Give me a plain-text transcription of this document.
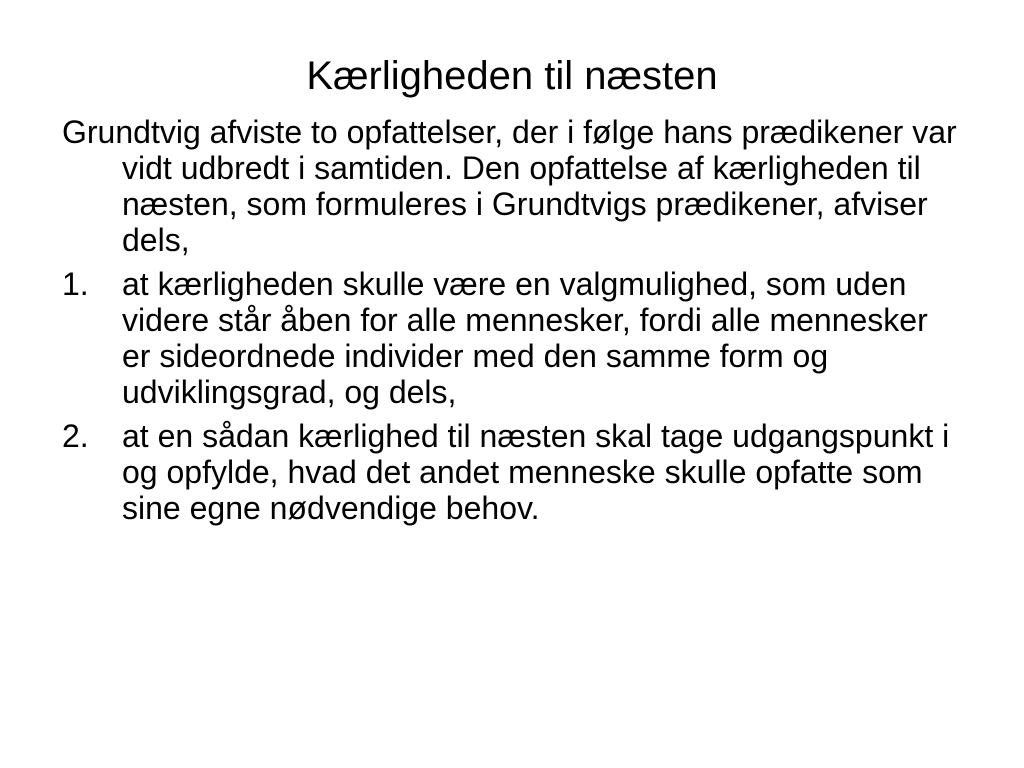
Kærligheden til næsten

Grundtvig afviste to opfattelser, der i følge hans prædikener var vidt udbredt i samtiden. Den opfattelse af kærligheden til næsten, som formuleres i Grundtvigs prædikener, afviser dels,

1. at kærligheden skulle være en valgmulighed, som uden videre står åben for alle mennesker, fordi alle mennesker er sideordnede individer med den samme form og udviklingsgrad, og dels,
2. at en sådan kærlighed til næsten skal tage udgangspunkt i og opfylde, hvad det andet menneske skulle opfatte som sine egne nødvendige behov.
